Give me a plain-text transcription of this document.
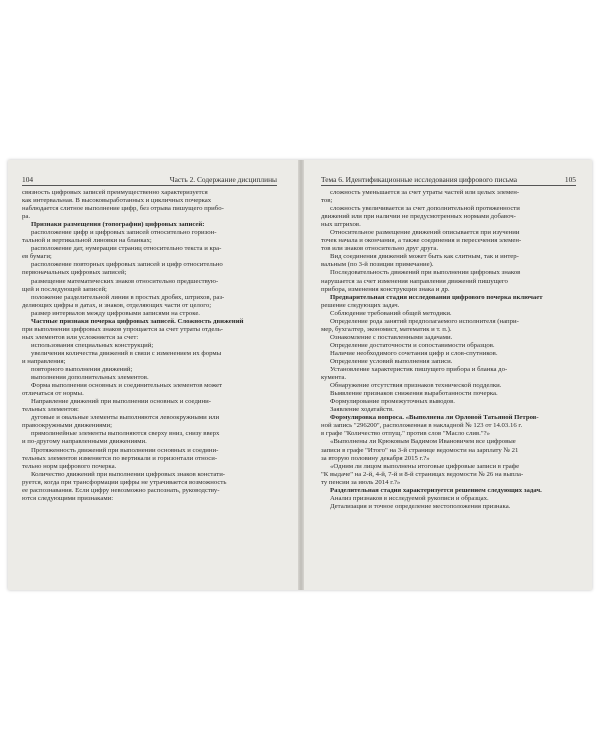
104	Часть 2. Содержание дисциплины

связность цифровых записей преимущественно характеризуется

как интервальная. В высоковыработанных и цикличных почерках

наблюдается слитное выполнение цифр, без отрыва пишущего прибо-

ра.

Признаки размещения (топографии) цифровых записей:

расположение цифр и цифровых записей относительно горизон-

тальной и вертикальной линовки на бланках;

расположение дат, нумерации страниц относительно текста и кра-

ев бумаги;

расположение повторных цифровых записей и цифр относительно

первоначальных цифровых записей;

размещение математических знаков относительно предшествую-

щей и последующей записей;

положение разделительной линии в простых дробях, штрихов, раз-

деляющих цифры в датах, и знаков, отделяющих части от целого;

размер интервалов между цифровыми записями на строке.

Частные признаки почерка цифровых записей. Сложность движений

при выполнении цифровых знаков упрощается за счет утраты отдель-

ных элементов или усложняется за счет:

использования специальных конструкций;

увеличения количества движений в связи с изменением их формы

и направления;

повторного выполнения движений;

выполнения дополнительных элементов.

Форма выполнения основных и соединительных элементов может

отличаться от нормы.

Направление движений при выполнении основных и соедини-

тельных элементов:

дуговые и овальные элементы выполняются левоокружными или

правоокружными движениями;

прямолинейные элементы выполняются сверху вниз, снизу вверх

и по-другому направленными движениями.

Протяженность движений при выполнении основных и соедини-

тельных элементов изменяется по вертикали и горизонтали относи-

тельно норм цифрового почерка.

Количество движений при выполнении цифровых знаков констати-

руется, когда при трансформации цифры не утрачивается возможность

ее распознавания. Если цифру невозможно распознать, руководству-

ются следующими признаками:

Тема 6. Идентификационные исследования цифрового письма	105

сложность уменьшается за счет утраты частей или целых элемен-

тов;

сложность увеличивается за счет дополнительной протяженности

движений или при наличии не предусмотренных нормами добавоч-

ных штрихов.

Относительное размещение движений описывается при изучении

точек начала и окончания, а также соединения и пересечения элемен-

тов или знаков относительно друг друга.

Вид соединения движений может быть как слитным, так и интер-

вальным (по 3-й позиции примечание).

Последовательность движений при выполнении цифровых знаков

нарушается за счет изменения направления движений пишущего

прибора, изменения конструкции знака и др.

Предварительная стадия исследования цифрового почерка включает

решение следующих задач.

Соблюдение требований общей методики.

Определение рода занятий предполагаемого исполнителя (напри-

мер, бухгалтер, экономист, математик и т. п.).

Ознакомление с поставленными задачами.

Определение достаточности и сопоставимости образцов.

Наличие необходимого сочетания цифр и слов-спутников.

Определение условий выполнения записи.

Установление характеристик пишущего прибора и бланка до-

кумента.

Обнаружение отсутствия признаков технической подделки.

Выявление признаков снижения выработанности почерка.

Формулирование промежуточных выводов.

Заявление ходатайств.

Формулировка вопроса. «Выполнена ли Орловой Татьяной Петров-

ной запись "296200", расположенная в накладной № 123 от 14.03.16 г.

в графе "Количество отпущ." против слов "Масло слив."?»

«Выполнены ли Крюковым Вадимом Ивановичем все цифровые

записи в графе "Итого" на 3-й странице ведомости на зарплату № 21

за вторую половину декабря 2015 г.?»

«Одним ли лицом выполнены итоговые цифровые записи в графе

"К выдаче" на 2-й, 4-й, 7-й и 8-й страницах ведомости № 26 на выпла-

ту пенсии за июль 2014 г.?»

Разделительная стадия характеризуется решением следующих задач.

Анализ признаков в исследуемой рукописи и образцах.

Детализация и точное определение местоположения признака.
